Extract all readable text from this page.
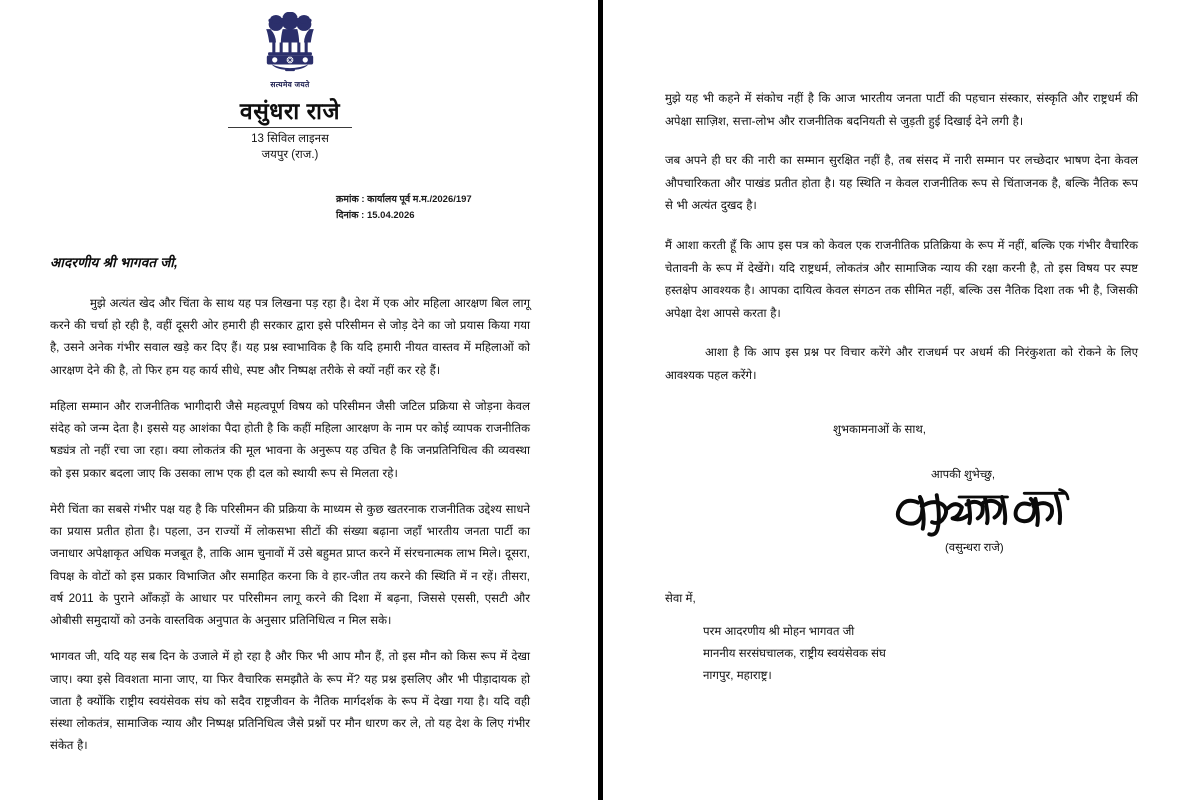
सत्यमेव जयते
वसुंधरा राजे
13 सिविल लाइनस
जयपुर (राज.)
क्रमांक : कार्यालय पूर्व म.म./2026/197
दिनांक : 15.04.2026
आदरणीय श्री भागवत जी,

मुझे अत्यंत खेद और चिंता के साथ यह पत्र लिखना पड़ रहा है। देश में एक ओर महिला आरक्षण बिल लागू करने की चर्चा हो रही है, वहीं दूसरी ओर हमारी ही सरकार द्वारा इसे परिसीमन से जोड़ देने का जो प्रयास किया गया है, उसने अनेक गंभीर सवाल खड़े कर दिए हैं। यह प्रश्न स्वाभाविक है कि यदि हमारी नीयत वास्तव में महिलाओं को आरक्षण देने की है, तो फिर हम यह कार्य सीधे, स्पष्ट और निष्पक्ष तरीके से क्यों नहीं कर रहे हैं।

महिला सम्मान और राजनीतिक भागीदारी जैसे महत्वपूर्ण विषय को परिसीमन जैसी जटिल प्रक्रिया से जोड़ना केवल संदेह को जन्म देता है। इससे यह आशंका पैदा होती है कि कहीं महिला आरक्षण के नाम पर कोई व्यापक राजनीतिक षड्यंत्र तो नहीं रचा जा रहा। क्या लोकतंत्र की मूल भावना के अनुरूप यह उचित है कि जनप्रतिनिधित्व की व्यवस्था को इस प्रकार बदला जाए कि उसका लाभ एक ही दल को स्थायी रूप से मिलता रहे।

मेरी चिंता का सबसे गंभीर पक्ष यह है कि परिसीमन की प्रक्रिया के माध्यम से कुछ खतरनाक राजनीतिक उद्देश्य साधने का प्रयास प्रतीत होता है। पहला, उन राज्यों में लोकसभा सीटों की संख्या बढ़ाना जहाँ भारतीय जनता पार्टी का जनाधार अपेक्षाकृत अधिक मजबूत है, ताकि आम चुनावों में उसे बहुमत प्राप्त करने में संरचनात्मक लाभ मिले। दूसरा, विपक्ष के वोटों को इस प्रकार विभाजित और समाहित करना कि वे हार-जीत तय करने की स्थिति में न रहें। तीसरा, वर्ष 2011 के पुराने आँकड़ों के आधार पर परिसीमन लागू करने की दिशा में बढ़ना, जिससे एससी, एसटी और ओबीसी समुदायों को उनके वास्तविक अनुपात के अनुसार प्रतिनिधित्व न मिल सके।

भागवत जी, यदि यह सब दिन के उजाले में हो रहा है और फिर भी आप मौन हैं, तो इस मौन को किस रूप में देखा जाए। क्या इसे विवशता माना जाए, या फिर वैचारिक समझौते के रूप में? यह प्रश्न इसलिए और भी पीड़ादायक हो जाता है क्योंकि राष्ट्रीय स्वयंसेवक संघ को सदैव राष्ट्रजीवन के नैतिक मार्गदर्शक के रूप में देखा गया है। यदि वही संस्था लोकतंत्र, सामाजिक न्याय और निष्पक्ष प्रतिनिधित्व जैसे प्रश्नों पर मौन धारण कर ले, तो यह देश के लिए गंभीर संकेत है।

मुझे यह भी कहने में संकोच नहीं है कि आज भारतीय जनता पार्टी की पहचान संस्कार, संस्कृति और राष्ट्रधर्म की अपेक्षा साज़िश, सत्ता-लोभ और राजनीतिक बदनियती से जुड़ती हुई दिखाई देने लगी है।

जब अपने ही घर की नारी का सम्मान सुरक्षित नहीं है, तब संसद में नारी सम्मान पर लच्छेदार भाषण देना केवल औपचारिकता और पाखंड प्रतीत होता है। यह स्थिति न केवल राजनीतिक रूप से चिंताजनक है, बल्कि नैतिक रूप से भी अत्यंत दुखद है।

मैं आशा करती हूँ कि आप इस पत्र को केवल एक राजनीतिक प्रतिक्रिया के रूप में नहीं, बल्कि एक गंभीर वैचारिक चेतावनी के रूप में देखेंगे। यदि राष्ट्रधर्म, लोकतंत्र और सामाजिक न्याय की रक्षा करनी है, तो इस विषय पर स्पष्ट हस्तक्षेप आवश्यक है। आपका दायित्व केवल संगठन तक सीमित नहीं, बल्कि उस नैतिक दिशा तक भी है, जिसकी अपेक्षा देश आपसे करता है।

आशा है कि आप इस प्रश्न पर विचार करेंगे और राजधर्म पर अधर्म की निरंकुशता को रोकने के लिए आवश्यक पहल करेंगे।

शुभकामनाओं के साथ,
आपकी शुभेच्छु,
(वसुन्धरा राजे)
सेवा में,
परम आदरणीय श्री मोहन भागवत जी
माननीय सरसंघचालक, राष्ट्रीय स्वयंसेवक संघ
नागपुर, महाराष्ट्र।
